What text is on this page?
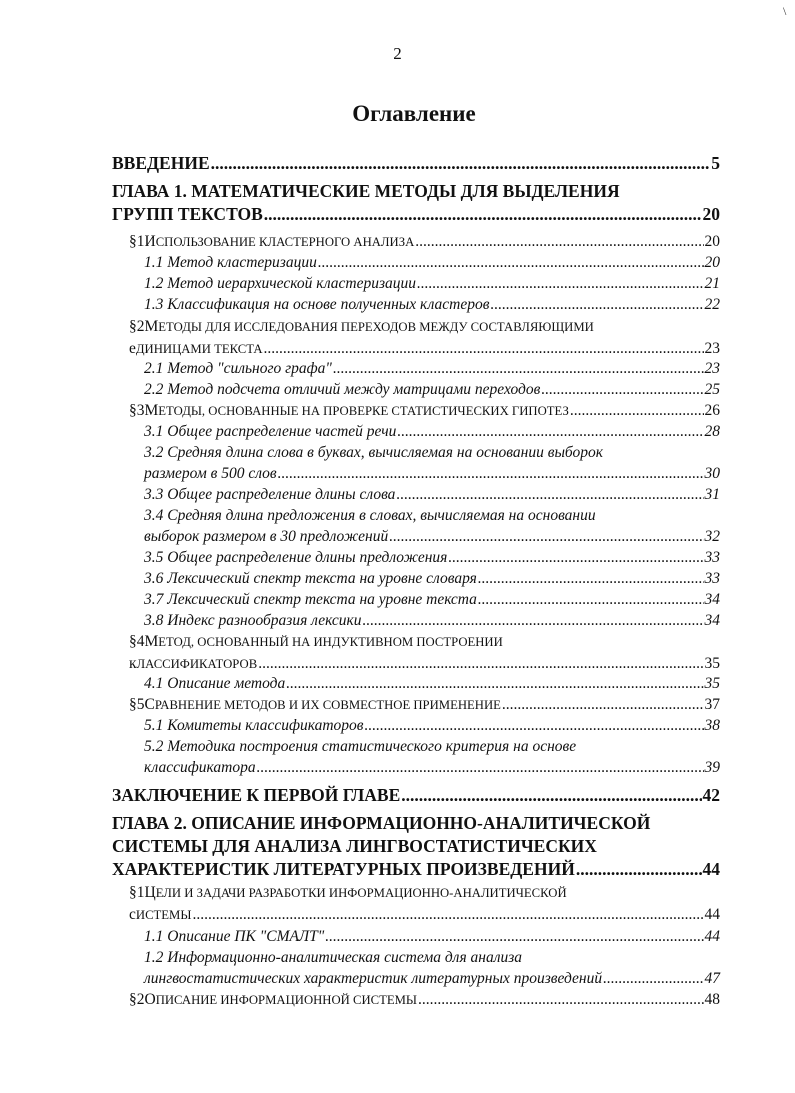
\
2
Оглавление
ВВЕДЕНИЕ .....	5
ГЛАВА 1. МАТЕМАТИЧЕСКИЕ МЕТОДЫ ДЛЯ ВЫДЕЛЕНИЯ
ГРУПП ТЕКСТОВ .....	20
§1ИСПОЛЬЗОВАНИЕ КЛАСТЕРНОГО АНАЛИЗА .....	20
1.1 Метод кластеризации .....	20
1.2 Метод иерархической кластеризации .....	21
1.3 Классификация на основе полученных кластеров .....	22
§2МЕТОДЫ ДЛЯ ИССЛЕДОВАНИЯ ПЕРЕХОДОВ МЕЖДУ СОСТАВЛЯЮЩИМИ
еДИНИЦАМИ ТЕКСТА .....	23
2.1 Метод "сильного графа" .....	23
2.2 Метод подсчета отличий между матрицами переходов .....	25
§3МЕТОДЫ, ОСНОВАННЫЕ НА ПРОВЕРКЕ СТАТИСТИЧЕСКИХ ГИПОТЕЗ .....	26
3.1 Общее распределение частей речи .....	28
3.2 Средняя длина слова в буквах, вычисляемая на основании выборок
размером в 500 слов .....	30
3.3 Общее распределение длины слова .....	31
3.4 Средняя длина предложения в словах, вычисляемая на основании
выборок размером в 30 предложений .....	32
3.5 Общее распределение длины предложения .....	33
3.6 Лексический спектр текста на уровне словаря .....	33
3.7 Лексический спектр текста на уровне текста .....	34
3.8 Индекс разнообразия лексики .....	34
§4МЕТОД, ОСНОВАННЫЙ НА ИНДУКТИВНОМ ПОСТРОЕНИИ
кЛАССИФИКАТОРОВ .....	35
4.1 Описание метода .....	35
§5СРАВНЕНИЕ МЕТОДОВ И ИХ СОВМЕСТНОЕ ПРИМЕНЕНИЕ .....	37
5.1 Комитеты классификаторов .....	38
5.2 Методика построения статистического критерия на основе
классификатора .....	39
ЗАКЛЮЧЕНИЕ К ПЕРВОЙ ГЛАВЕ .....	42
ГЛАВА 2. ОПИСАНИЕ ИНФОРМАЦИОННО-АНАЛИТИЧЕСКОЙ
СИСТЕМЫ ДЛЯ АНАЛИЗА ЛИНГВОСТАТИСТИЧЕСКИХ
ХАРАКТЕРИСТИК ЛИТЕРАТУРНЫХ ПРОИЗВЕДЕНИЙ .....	44
§1ЦЕЛИ И ЗАДАЧИ РАЗРАБОТКИ ИНФОРМАЦИОННО-АНАЛИТИЧЕСКОЙ
сИСТЕМЫ .....	44
1.1 Описание ПК "СМАЛТ" .....	44
1.2 Информационно-аналитическая система для анализа
лингвостатистических характеристик литературных произведений .....	47
§2ОПИСАНИЕ ИНФОРМАЦИОННОЙ СИСТЕМЫ .....	48
